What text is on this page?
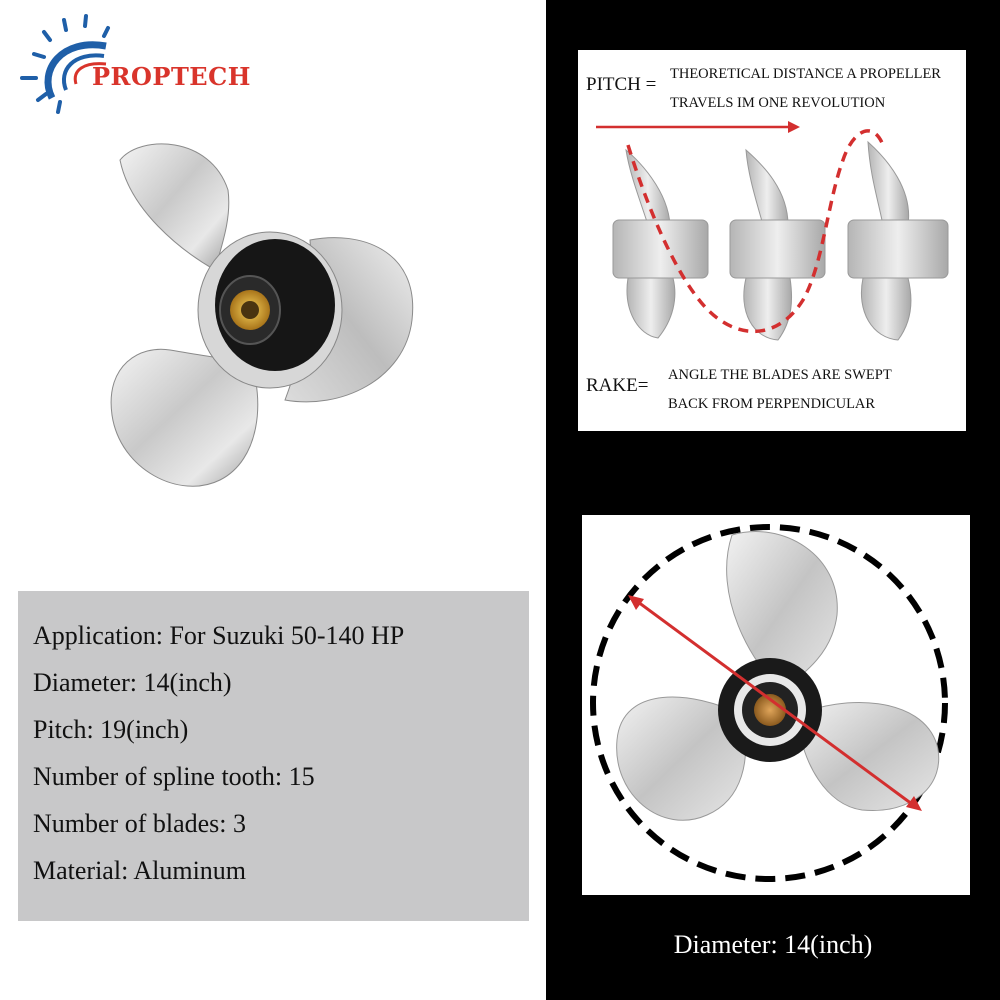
PROPTECH
Application: For Suzuki 50-140 HP
Diameter: 14(inch)
Pitch: 19(inch)
Number of spline tooth: 15
Number of blades: 3
Material: Aluminum
PITCH = THEORETICAL DISTANCE A PROPELLER
TRAVELS IM ONE REVOLUTION
RAKE= ANGLE THE BLADES ARE SWEPT
BACK FROM PERPENDICULAR
Diameter: 14(inch)
